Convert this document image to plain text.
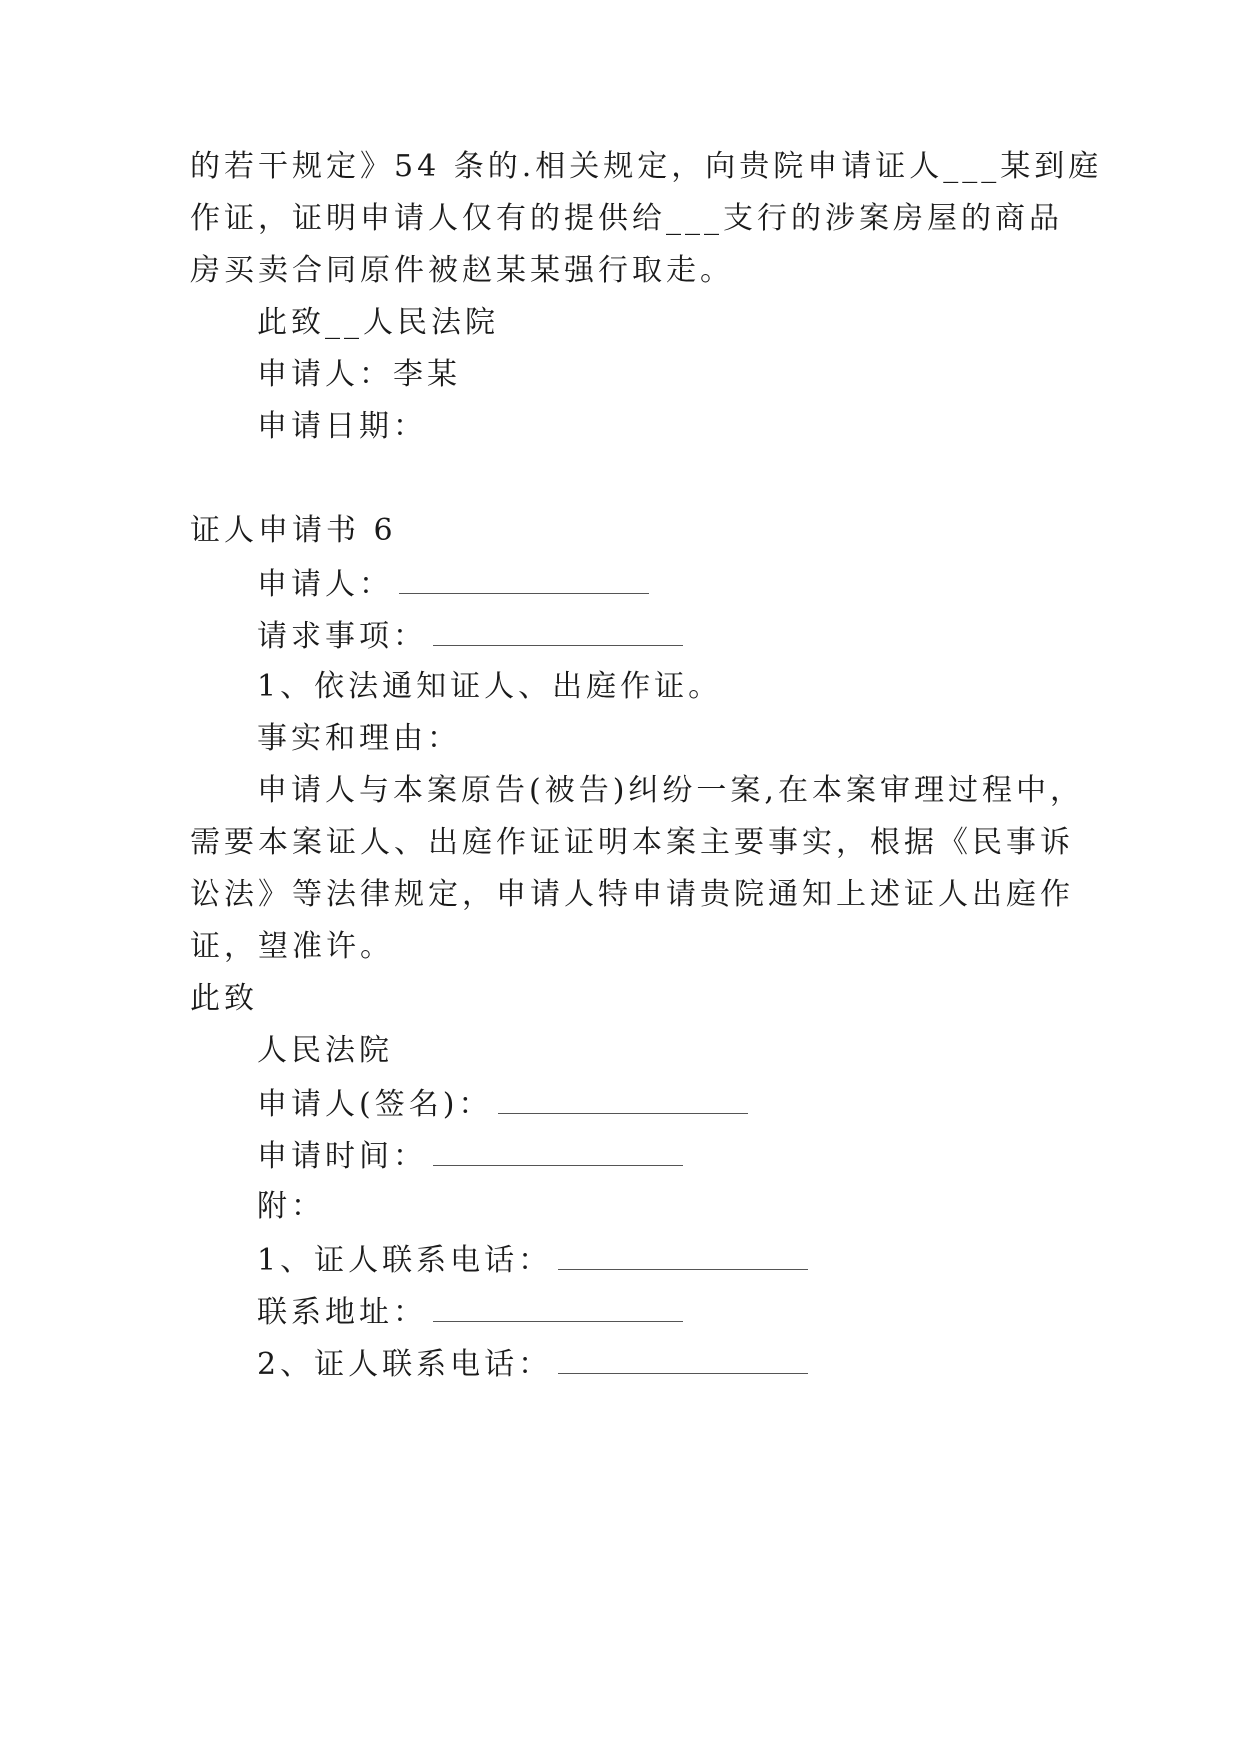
的若干规定》54 条的.相关规定，向贵院申请证人___某到庭
作证，证明申请人仅有的提供给___支行的涉案房屋的商品
房买卖合同原件被赵某某强行取走。
此致__人民法院
申请人：李某
申请日期：
证人申请书 6
申请人：
请求事项：
1、依法通知证人、出庭作证。
事实和理由：
申请人与本案原告(被告)纠纷一案,在本案审理过程中，
需要本案证人、出庭作证证明本案主要事实，根据《民事诉
讼法》等法律规定，申请人特申请贵院通知上述证人出庭作
证，望准许。
此致
人民法院
申请人(签名)：
申请时间：
附：
1、证人联系电话：
联系地址：
2、证人联系电话：
